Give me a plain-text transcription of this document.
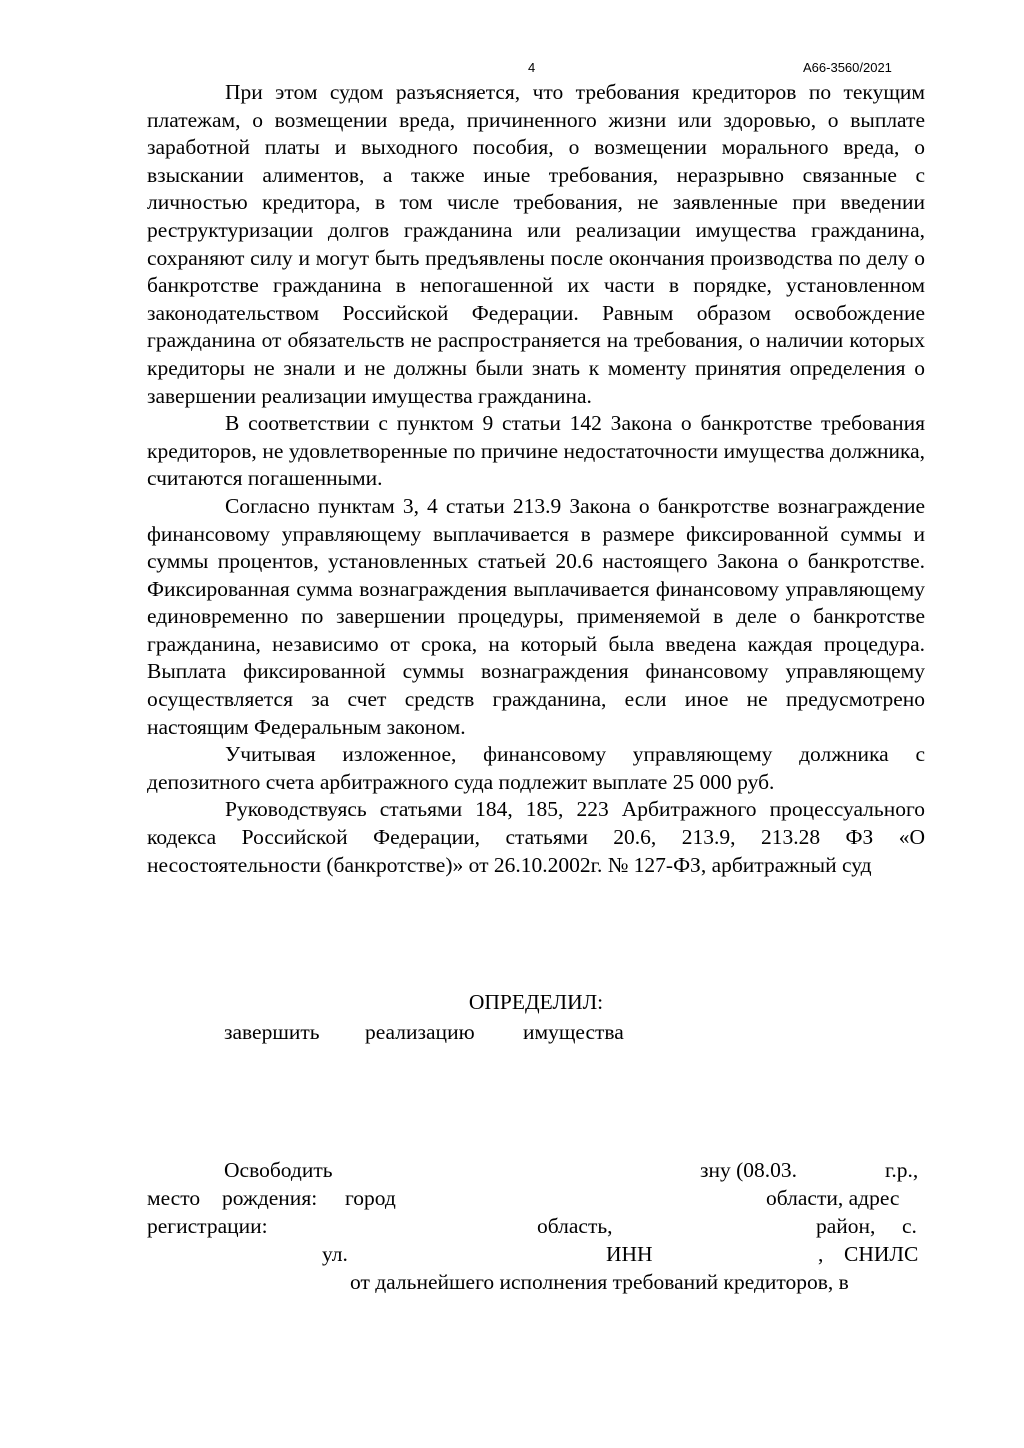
4	А66-3560/2021

При этом судом разъясняется, что требования кредиторов по текущим платежам, о возмещении вреда, причиненного жизни или здоровью, о выплате заработной платы и выходного пособия, о возмещении морального вреда, о взыскании алиментов, а также иные требования, неразрывно связанные с личностью кредитора, в том числе требования, не заявленные при введении реструктуризации долгов гражданина или реализации имущества гражданина, сохраняют силу и могут быть предъявлены после окончания производства по делу о банкротстве гражданина в непогашенной их части в порядке, установленном законодательством Российской Федерации. Равным образом освобождение гражданина от обязательств не распространяется на требования, о наличии которых кредиторы не знали и не должны были знать к моменту принятия определения о завершении реализации имущества гражданина.

В соответствии с пунктом 9 статьи 142 Закона о банкротстве требования кредиторов, не удовлетворенные по причине недостаточности имущества должника, считаются погашенными.

Согласно пунктам 3, 4 статьи 213.9 Закона о банкротстве вознаграждение финансовому управляющему выплачивается в размере фиксированной суммы и суммы процентов, установленных статьей 20.6 настоящего Закона о банкротстве. Фиксированная сумма вознаграждения выплачивается финансовому управляющему единовременно по завершении процедуры, применяемой в деле о банкротстве гражданина, независимо от срока, на который была введена каждая процедура. Выплата фиксированной суммы вознаграждения финансовому управляющему осуществляется за счет средств гражданина, если иное не предусмотрено настоящим Федеральным законом.

Учитывая изложенное, финансовому управляющему должника с депозитного счета арбитражного суда подлежит выплате 25 000 руб.

Руководствуясь статьями 184, 185, 223 Арбитражного процессуального кодекса Российской Федерации, статьями 20.6, 213.9, 213.28 ФЗ «О несостоятельности (банкротстве)» от 26.10.2002г. № 127-ФЗ, арбитражный суд

ОПРЕДЕЛИЛ:
завершить реализацию имущества
Освободить	зну (08.03.	г.р.,
место рождения: город	области, адрес
регистрации:	область,	район, с.
ул.	ИНН	, СНИЛС
от дальнейшего исполнения требований кредиторов, в
